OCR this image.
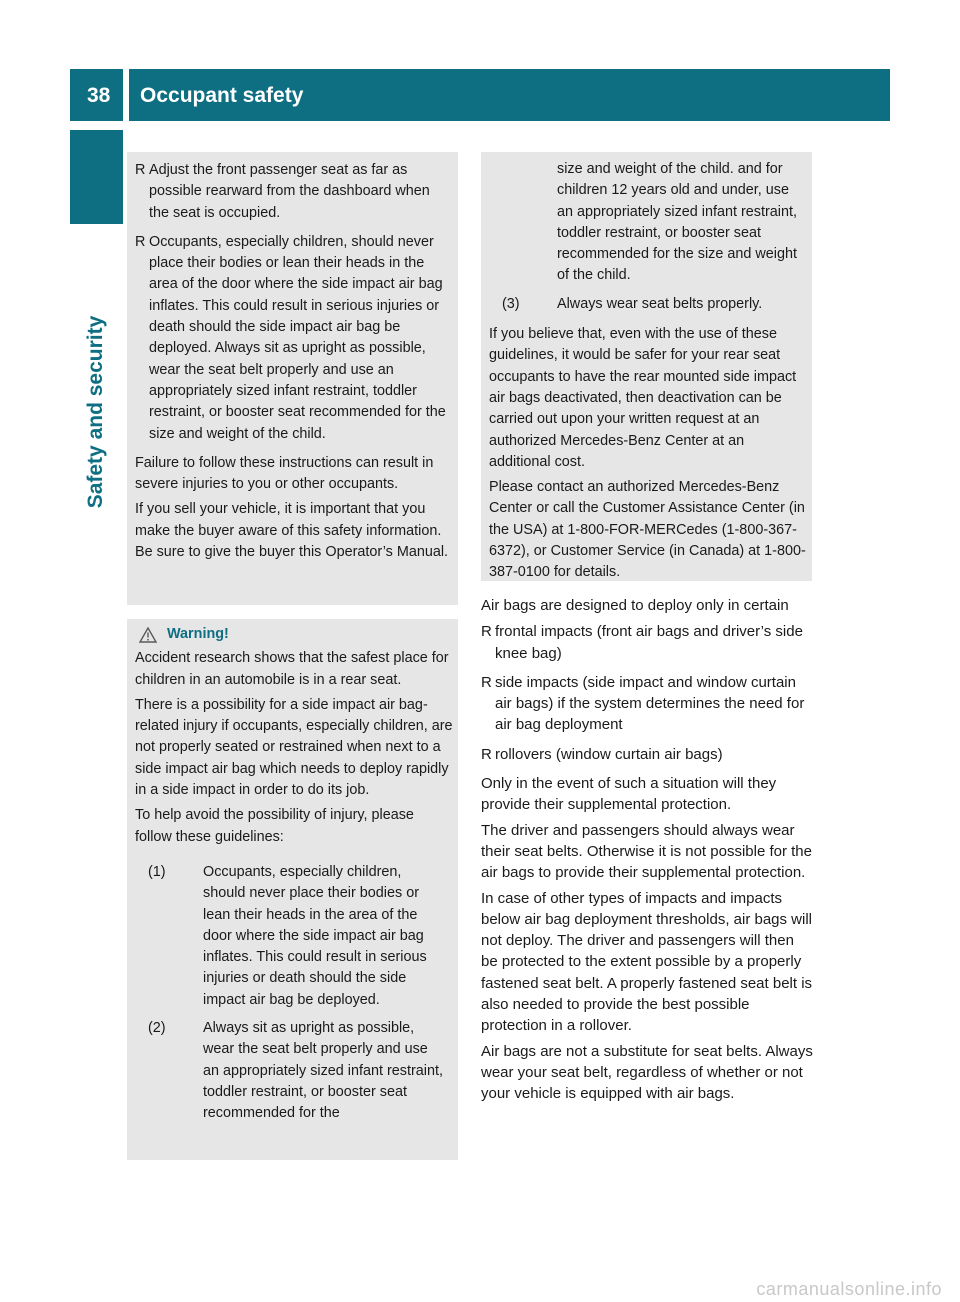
38 Occupant safety
Safety and security
R Adjust the front passenger seat as far as possible rearward from the dashboard when the seat is occupied.
R Occupants, especially children, should never place their bodies or lean their heads in the area of the door where the side impact air bag inflates. This could result in serious injuries or death should the side impact air bag be deployed. Always sit as upright as possible, wear the seat belt properly and use an appropriately sized infant restraint, toddler restraint, or booster seat recommended for the size and weight of the child.

Failure to follow these instructions can result in severe injuries to you or other occupants.

If you sell your vehicle, it is important that you make the buyer aware of this safety information. Be sure to give the buyer this Operator’s Manual.

Warning!

Accident research shows that the safest place for children in an automobile is in a rear seat.

There is a possibility for a side impact air bag-related injury if occupants, especially children, are not properly seated or restrained when next to a side impact air bag which needs to deploy rapidly in a side impact in order to do its job.

To help avoid the possibility of injury, please follow these guidelines:

(1)	Occupants, especially children, should never place their bodies or lean their heads in the area of the door where the side impact air bag inflates. This could result in serious injuries or death should the side impact air bag be deployed.
(2)	Always sit as upright as possible, wear the seat belt properly and use an appropriately sized infant restraint, toddler restraint, or booster seat recommended for the
size and weight of the child. and for children 12 years old and under, use an appropriately sized infant restraint, toddler restraint, or booster seat recommended for the size and weight of the child.
(3)	Always wear seat belts properly.

If you believe that, even with the use of these guidelines, it would be safer for your rear seat occupants to have the rear mounted side impact air bags deactivated, then deactivation can be carried out upon your written request at an authorized Mercedes-Benz Center at an additional cost.

Please contact an authorized Mercedes-Benz Center or call the Customer Assistance Center (in the USA) at 1-800-FOR-MERCedes (1-800-367-6372), or Customer Service (in Canada) at 1-800-387-0100 for details.

Air bags are designed to deploy only in certain

R frontal impacts (front air bags and driver’s side knee bag)
R side impacts (side impact and window curtain air bags) if the system determines the need for air bag deployment
R rollovers (window curtain air bags)

Only in the event of such a situation will they provide their supplemental protection.

The driver and passengers should always wear their seat belts. Otherwise it is not possible for the air bags to provide their supplemental protection.

In case of other types of impacts and impacts below air bag deployment thresholds, air bags will not deploy. The driver and passengers will then be protected to the extent possible by a properly fastened seat belt. A properly fastened seat belt is also needed to provide the best possible protection in a rollover.

Air bags are not a substitute for seat belts. Always wear your seat belt, regardless of whether or not your vehicle is equipped with air bags.

carmanualsonline.info
